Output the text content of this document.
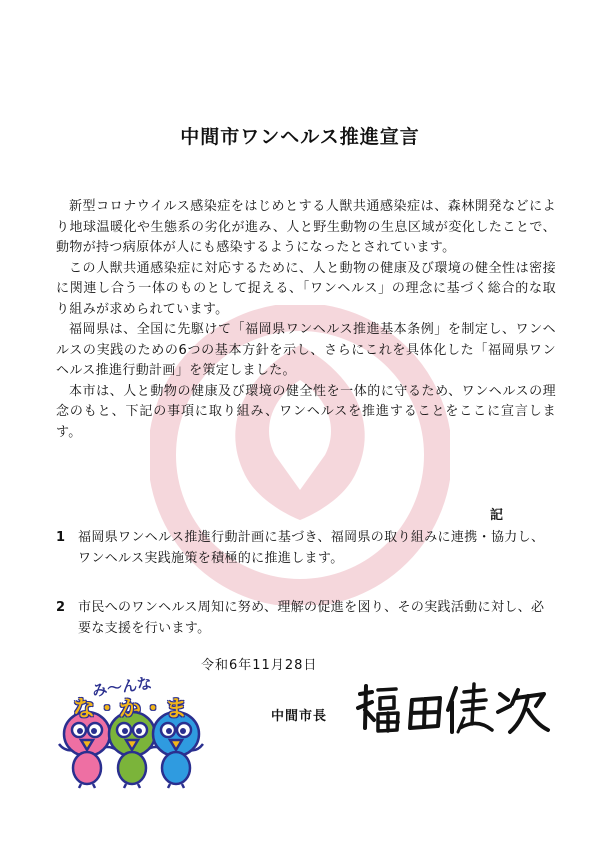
中間市ワンヘルス推進宣言

新型コロナウイルス感染症をはじめとする人獣共通感染症は、森林開発などにより地球温暖化や生態系の劣化が進み、人と野生動物の生息区域が変化したことで、動物が持つ病原体が人にも感染するようになったとされています。

この人獣共通感染症に対応するために、人と動物の健康及び環境の健全性は密接に関連し合う一体のものとして捉える、「ワンヘルス」の理念に基づく総合的な取り組みが求められています。

福岡県は、全国に先駆けて「福岡県ワンヘルス推進基本条例」を制定し、ワンヘルスの実践のための6つの基本方針を示し、さらにこれを具体化した「福岡県ワンヘルス推進行動計画」を策定しました。

本市は、人と動物の健康及び環境の健全性を一体的に守るため、ワンヘルスの理念のもと、下記の事項に取り組み、ワンヘルスを推進することをここに宣言します。

記
1 福岡県ワンヘルス推進行動計画に基づき、福岡県の取り組みに連携・協力し、ワンヘルス実践施策を積極的に推進します。
2 市民へのワンヘルス周知に努め、理解の促進を図り、その実践活動に対し、必要な支援を行います。
令和6年11月28日
中間市長
み〜んな
な・か・ま
